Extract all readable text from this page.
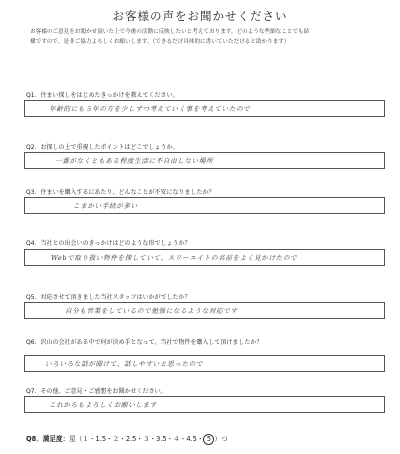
お客様の声をお聞かせください
お客様のご意見をお聞かせ頂いた上で今後の活動に反映したいと考えております。どのような些細なことでも結
構ですので、是非ご協力よろしくお願いします。（できるだけ具体的に書いていただけると助かります）
Q1．住まい探しをはじめたきっかけを教えてください。
年齢的にも５年の方を少しずつ考えていく事を考えていたので
Q2．お探しの上で重視したポイントはどこでしょうか。
一番がなくともある程度生活に不自由しない場所
Q3．住まいを購入するにあたり、どんなことが不安になりましたか？
こまかい手続が多い
Q4．当社との出会いのきっかけはどのような形でしょうか？
Webで取り扱い物件を探していて、スリーエイトの名前をよく見かけたので
Q5．対応させて頂きました当社スタッフはいかがでしたか？
自分も営業をしているので勉強になるような対応です
Q6．沢山の会社がある中で何が決め手となって、当社で物件を購入して頂けましたか？
いろいろな話が聞けて、話しやすいと思ったので
Q7．その他、ご意見・ご感想をお聞かせください。
これからもよろしくお願いします
Q8．満足度：星（１・1.5・２・2.5・３・3.5・４・4.5・ 5 ）つ
